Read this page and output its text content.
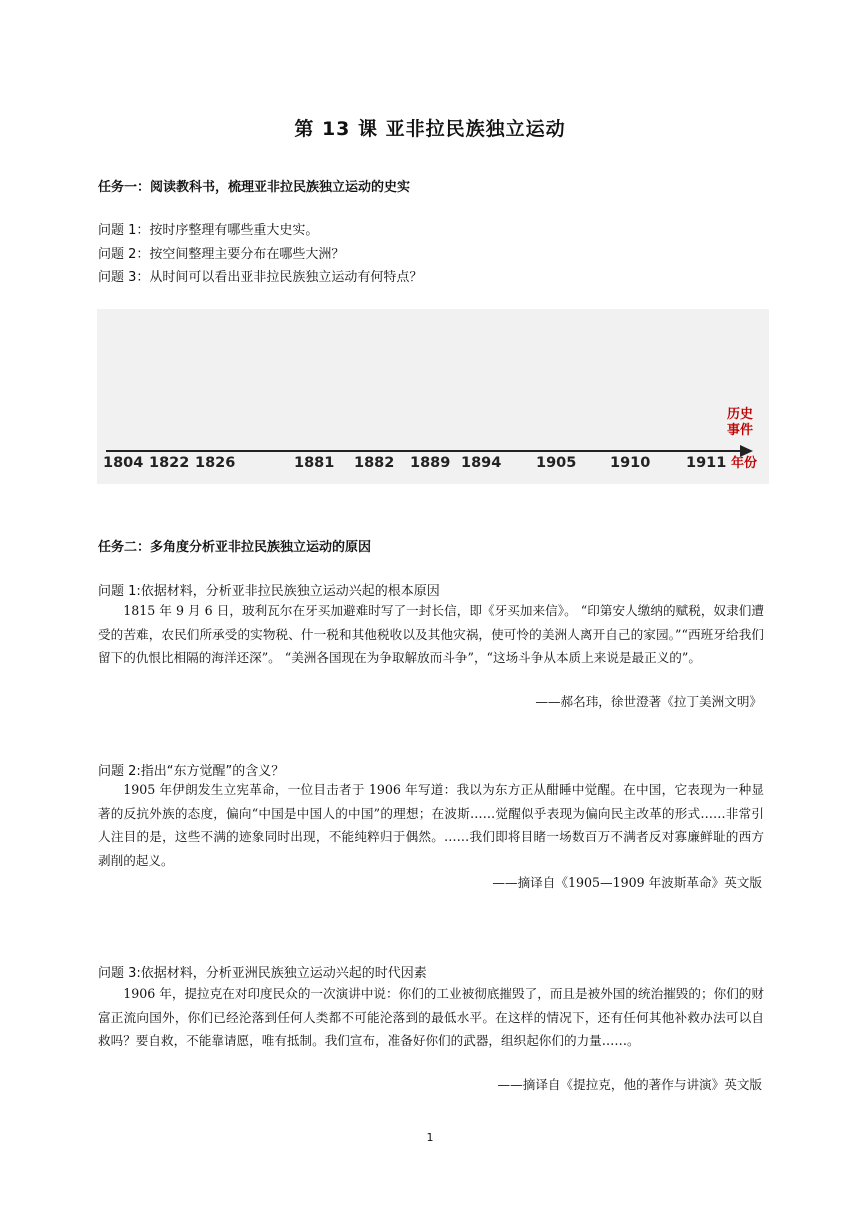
第 13 课 亚非拉民族独立运动
任务一：阅读教科书，梳理亚非拉民族独立运动的史实
问题 1：按时序整理有哪些重大史实。
问题 2：按空间整理主要分布在哪些大洲？
问题 3：从时间可以看出亚非拉民族独立运动有何特点？
历史
事件
1804 1822 1826	1881 1882 1889 1894 1905 1910 1911 年份
任务二：多角度分析亚非拉民族独立运动的原因
问题 1:依据材料，分析亚非拉民族独立运动兴起的根本原因
1815 年 9 月 6 日，玻利瓦尔在牙买加避难时写了一封长信，即《牙买加来信》。 “印第安人缴纳的赋税，奴隶们遭受的苦难，农民们所承受的实物税、什一税和其他税收以及其他灾祸，使可怜的美洲人离开自己的家园。”“西班牙给我们留下的仇恨比相隔的海洋还深”。 “美洲各国现在为争取解放而斗争”，“这场斗争从本质上来说是最正义的”。
——郝名玮，徐世澄著《拉丁美洲文明》
问题 2:指出“东方觉醒”的含义？
1905 年伊朗发生立宪革命，一位目击者于 1906 年写道：我以为东方正从酣睡中觉醒。在中国，它表现为一种显著的反抗外族的态度，偏向“中国是中国人的中国”的理想；在波斯……觉醒似乎表现为偏向民主改革的形式……非常引人注目的是，这些不满的迹象同时出现，不能纯粹归于偶然。……我们即将目睹一场数百万不满者反对寡廉鲜耻的西方剥削的起义。
——摘译自《1905—1909 年波斯革命》英文版
问题 3:依据材料，分析亚洲民族独立运动兴起的时代因素
1906 年，提拉克在对印度民众的一次演讲中说：你们的工业被彻底摧毁了，而且是被外国的统治摧毁的；你们的财富正流向国外，你们已经沦落到任何人类都不可能沦落到的最低水平。在这样的情况下，还有任何其他补救办法可以自救吗？要自救，不能靠请愿，唯有抵制。我们宣布，准备好你们的武器，组织起你们的力量……。
——摘译自《提拉克，他的著作与讲演》英文版
1
